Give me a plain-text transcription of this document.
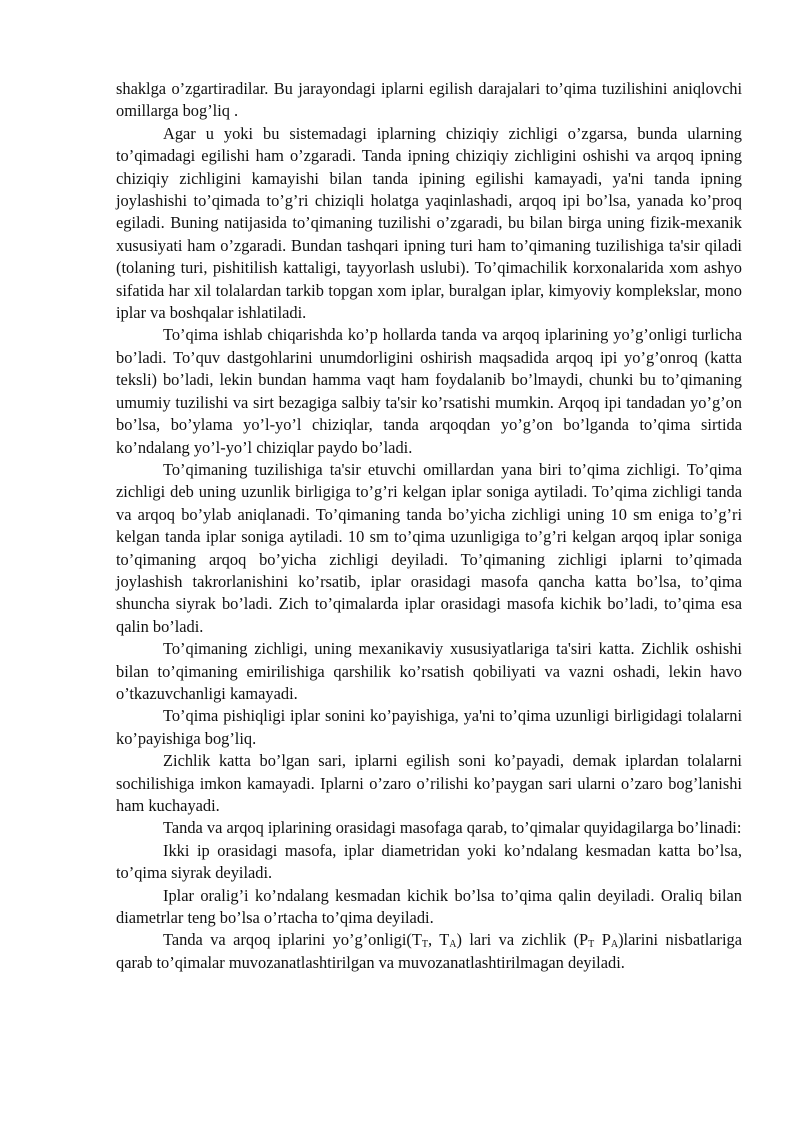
shaklga o’zgartiradilar. Bu jarayondagi iplarni egilish darajalari to’qima tuzilishini aniqlovchi omillarga bog’liq .

Agar u yoki bu sistemadagi iplarning chiziqiy zichligi o’zgarsa, bunda ularning to’qimadagi egilishi ham o’zgaradi. Tanda ipning chiziqiy zichligini oshishi va arqoq ipning chiziqiy zichligini kamayishi bilan tanda ipining egilishi kamayadi, ya'ni tanda ipning joylashishi to’qimada to’g’ri chiziqli holatga yaqinlashadi, arqoq ipi bo’lsa, yanada ko’proq egiladi. Buning natijasida to’qimaning tuzilishi o’zgaradi, bu bilan birga uning fizik-mexanik xususiyati ham o’zgaradi. Bundan tashqari ipning turi ham to’qimaning tuzilishiga ta'sir qiladi (tolaning turi, pishitilish kattaligi, tayyorlash uslubi). To’qimachilik korxonalarida xom ashyo sifatida har xil tolalardan tarkib topgan xom iplar, buralgan iplar, kimyoviy komplekslar, mono iplar va boshqalar ishlatiladi.

To’qima ishlab chiqarishda ko’p hollarda tanda va arqoq iplarining yo’g’onligi turlicha bo’ladi. To’quv dastgohlarini unumdorligini oshirish maqsadida arqoq ipi yo’g’onroq (katta teksli) bo’ladi, lekin bundan hamma vaqt ham foydalanib bo’lmaydi, chunki bu to’qimaning umumiy tuzilishi va sirt bezagiga salbiy ta'sir ko’rsatishi mumkin. Arqoq ipi tandadan yo’g’on bo’lsa, bo’ylama yo’l-yo’l chiziqlar, tanda arqoqdan yo’g’on bo’lganda to’qima sirtida ko’ndalang yo’l-yo’l chiziqlar paydo bo’ladi.

To’qimaning tuzilishiga ta'sir etuvchi omillardan yana biri to’qima zichligi. To’qima zichligi deb uning uzunlik birligiga to’g’ri kelgan iplar soniga aytiladi. To’qima zichligi tanda va arqoq bo’ylab aniqlanadi. To’qimaning tanda bo’yicha zichligi uning 10 sm eniga to’g’ri kelgan tanda iplar soniga aytiladi. 10 sm to’qima uzunligiga to’g’ri kelgan arqoq iplar soniga to’qimaning arqoq bo’yicha zichligi deyiladi. To’qimaning zichligi iplarni to’qimada joylashish takrorlanishini ko’rsatib, iplar orasidagi masofa qancha katta bo’lsa, to’qima shuncha siyrak bo’ladi. Zich to’qimalarda iplar orasidagi masofa kichik bo’ladi, to’qima esa qalin bo’ladi.

To’qimaning zichligi, uning mexanikaviy xususiyatlariga ta'siri katta. Zichlik oshishi bilan to’qimaning emirilishiga qarshilik ko’rsatish qobiliyati va vazni oshadi, lekin havo o’tkazuvchanligi kamayadi.

To’qima pishiqligi iplar sonini ko’payishiga, ya'ni to’qima uzunligi birligidagi tolalarni ko’payishiga bog’liq.

Zichlik katta bo’lgan sari, iplarni egilish soni ko’payadi, demak iplardan tolalarni sochilishiga imkon kamayadi. Iplarni o’zaro o’rilishi ko’paygan sari ularni o’zaro bog’lanishi ham kuchayadi.

Tanda va arqoq iplarining orasidagi masofaga qarab, to’qimalar quyidagilarga bo’linadi:

Ikki ip orasidagi masofa, iplar diametridan yoki ko’ndalang kesmadan katta bo’lsa, to’qima siyrak deyiladi.

Iplar oralig’i ko’ndalang kesmadan kichik bo’lsa to’qima qalin deyiladi. Oraliq bilan diametrlar teng bo’lsa o’rtacha to’qima deyiladi.

Tanda va arqoq iplarini $yo’g’onligi(T_T$, $T_A$) lari va zichlik ($P_T$ $P_A)larini$ nisbatlariga qarab to’qimalar muvozanatlashtirilgan va muvozanatlashtirilmagan deyiladi.
